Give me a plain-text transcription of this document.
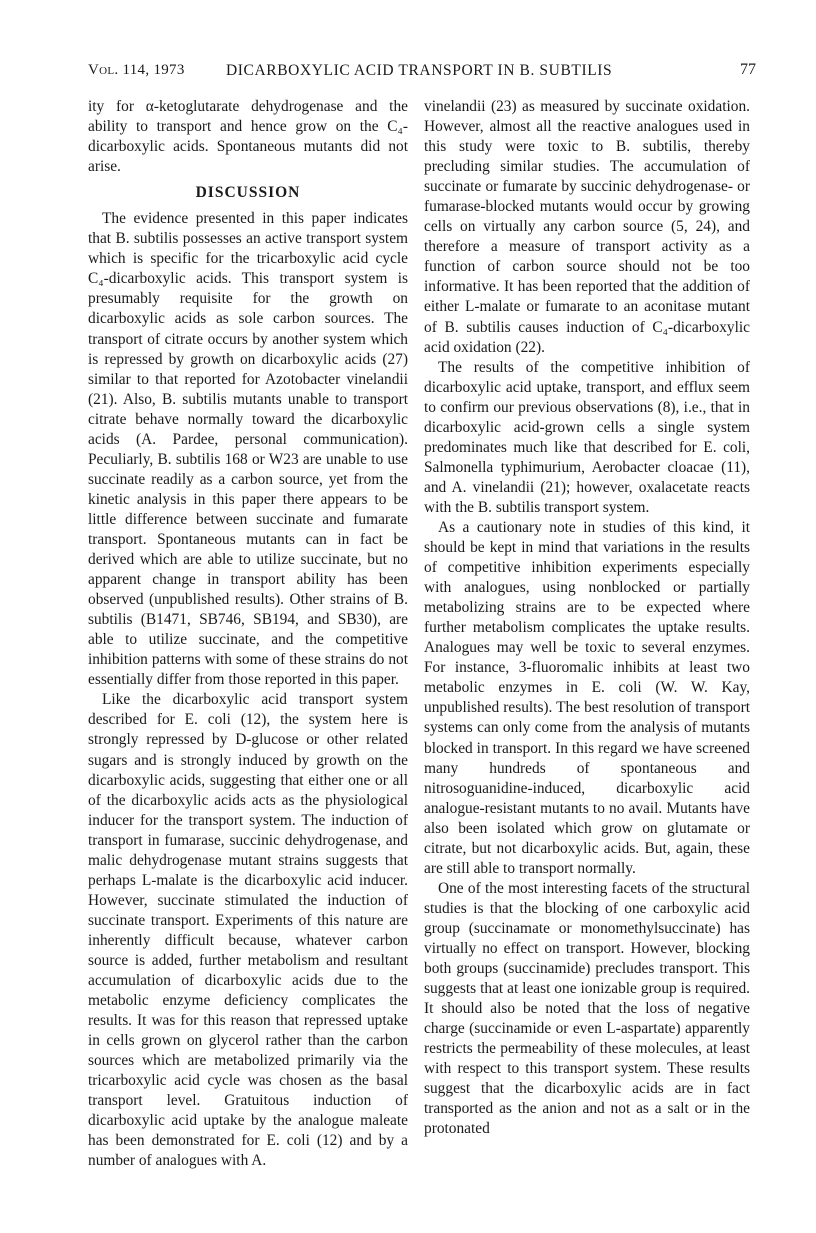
Vol. 114, 1973	DICARBOXYLIC ACID TRANSPORT IN B. SUBTILIS	77

ity for α-ketoglutarate dehydrogenase and the ability to transport and hence grow on the C₄-dicarboxylic acids. Spontaneous mutants did not arise.

DISCUSSION

The evidence presented in this paper indicates that B. subtilis possesses an active transport system which is specific for the tricarboxylic acid cycle C₄-dicarboxylic acids. This transport system is presumably requisite for the growth on dicarboxylic acids as sole carbon sources. The transport of citrate occurs by another system which is repressed by growth on dicarboxylic acids (27) similar to that reported for Azotobacter vinelandii (21). Also, B. subtilis mutants unable to transport citrate behave normally toward the dicarboxylic acids (A. Pardee, personal communication). Peculiarly, B. subtilis 168 or W23 are unable to use succinate readily as a carbon source, yet from the kinetic analysis in this paper there appears to be little difference between succinate and fumarate transport. Spontaneous mutants can in fact be derived which are able to utilize succinate, but no apparent change in transport ability has been observed (unpublished results). Other strains of B. subtilis (B1471, SB746, SB194, and SB30), are able to utilize succinate, and the competitive inhibition patterns with some of these strains do not essentially differ from those reported in this paper.

Like the dicarboxylic acid transport system described for E. coli (12), the system here is strongly repressed by D-glucose or other related sugars and is strongly induced by growth on the dicarboxylic acids, suggesting that either one or all of the dicarboxylic acids acts as the physiological inducer for the transport system. The induction of transport in fumarase, succinic dehydrogenase, and malic dehydrogenase mutant strains suggests that perhaps L-malate is the dicarboxylic acid inducer. However, succinate stimulated the induction of succinate transport. Experiments of this nature are inherently difficult because, whatever carbon source is added, further metabolism and resultant accumulation of dicarboxylic acids due to the metabolic enzyme deficiency complicates the results. It was for this reason that repressed uptake in cells grown on glycerol rather than the carbon sources which are metabolized primarily via the tricarboxylic acid cycle was chosen as the basal transport level. Gratuitous induction of dicarboxylic acid uptake by the analogue maleate has been demonstrated for E. coli (12) and by a number of analogues with A.

vinelandii (23) as measured by succinate oxidation. However, almost all the reactive analogues used in this study were toxic to B. subtilis, thereby precluding similar studies. The accumulation of succinate or fumarate by succinic dehydrogenase- or fumarase-blocked mutants would occur by growing cells on virtually any carbon source (5, 24), and therefore a measure of transport activity as a function of carbon source should not be too informative. It has been reported that the addition of either L-malate or fumarate to an aconitase mutant of B. subtilis causes induction of C₄-dicarboxylic acid oxidation (22).

The results of the competitive inhibition of dicarboxylic acid uptake, transport, and efflux seem to confirm our previous observations (8), i.e., that in dicarboxylic acid-grown cells a single system predominates much like that described for E. coli, Salmonella typhimurium, Aerobacter cloacae (11), and A. vinelandii (21); however, oxalacetate reacts with the B. subtilis transport system.

As a cautionary note in studies of this kind, it should be kept in mind that variations in the results of competitive inhibition experiments especially with analogues, using nonblocked or partially metabolizing strains are to be expected where further metabolism complicates the uptake results. Analogues may well be toxic to several enzymes. For instance, 3-fluoromalic inhibits at least two metabolic enzymes in E. coli (W. W. Kay, unpublished results). The best resolution of transport systems can only come from the analysis of mutants blocked in transport. In this regard we have screened many hundreds of spontaneous and nitrosoguanidine-induced, dicarboxylic acid analogue-resistant mutants to no avail. Mutants have also been isolated which grow on glutamate or citrate, but not dicarboxylic acids. But, again, these are still able to transport normally.

One of the most interesting facets of the structural studies is that the blocking of one carboxylic acid group (succinamate or monomethylsuccinate) has virtually no effect on transport. However, blocking both groups (succinamide) precludes transport. This suggests that at least one ionizable group is required. It should also be noted that the loss of negative charge (succinamide or even L-aspartate) apparently restricts the permeability of these molecules, at least with respect to this transport system. These results suggest that the dicarboxylic acids are in fact transported as the anion and not as a salt or in the protonated
